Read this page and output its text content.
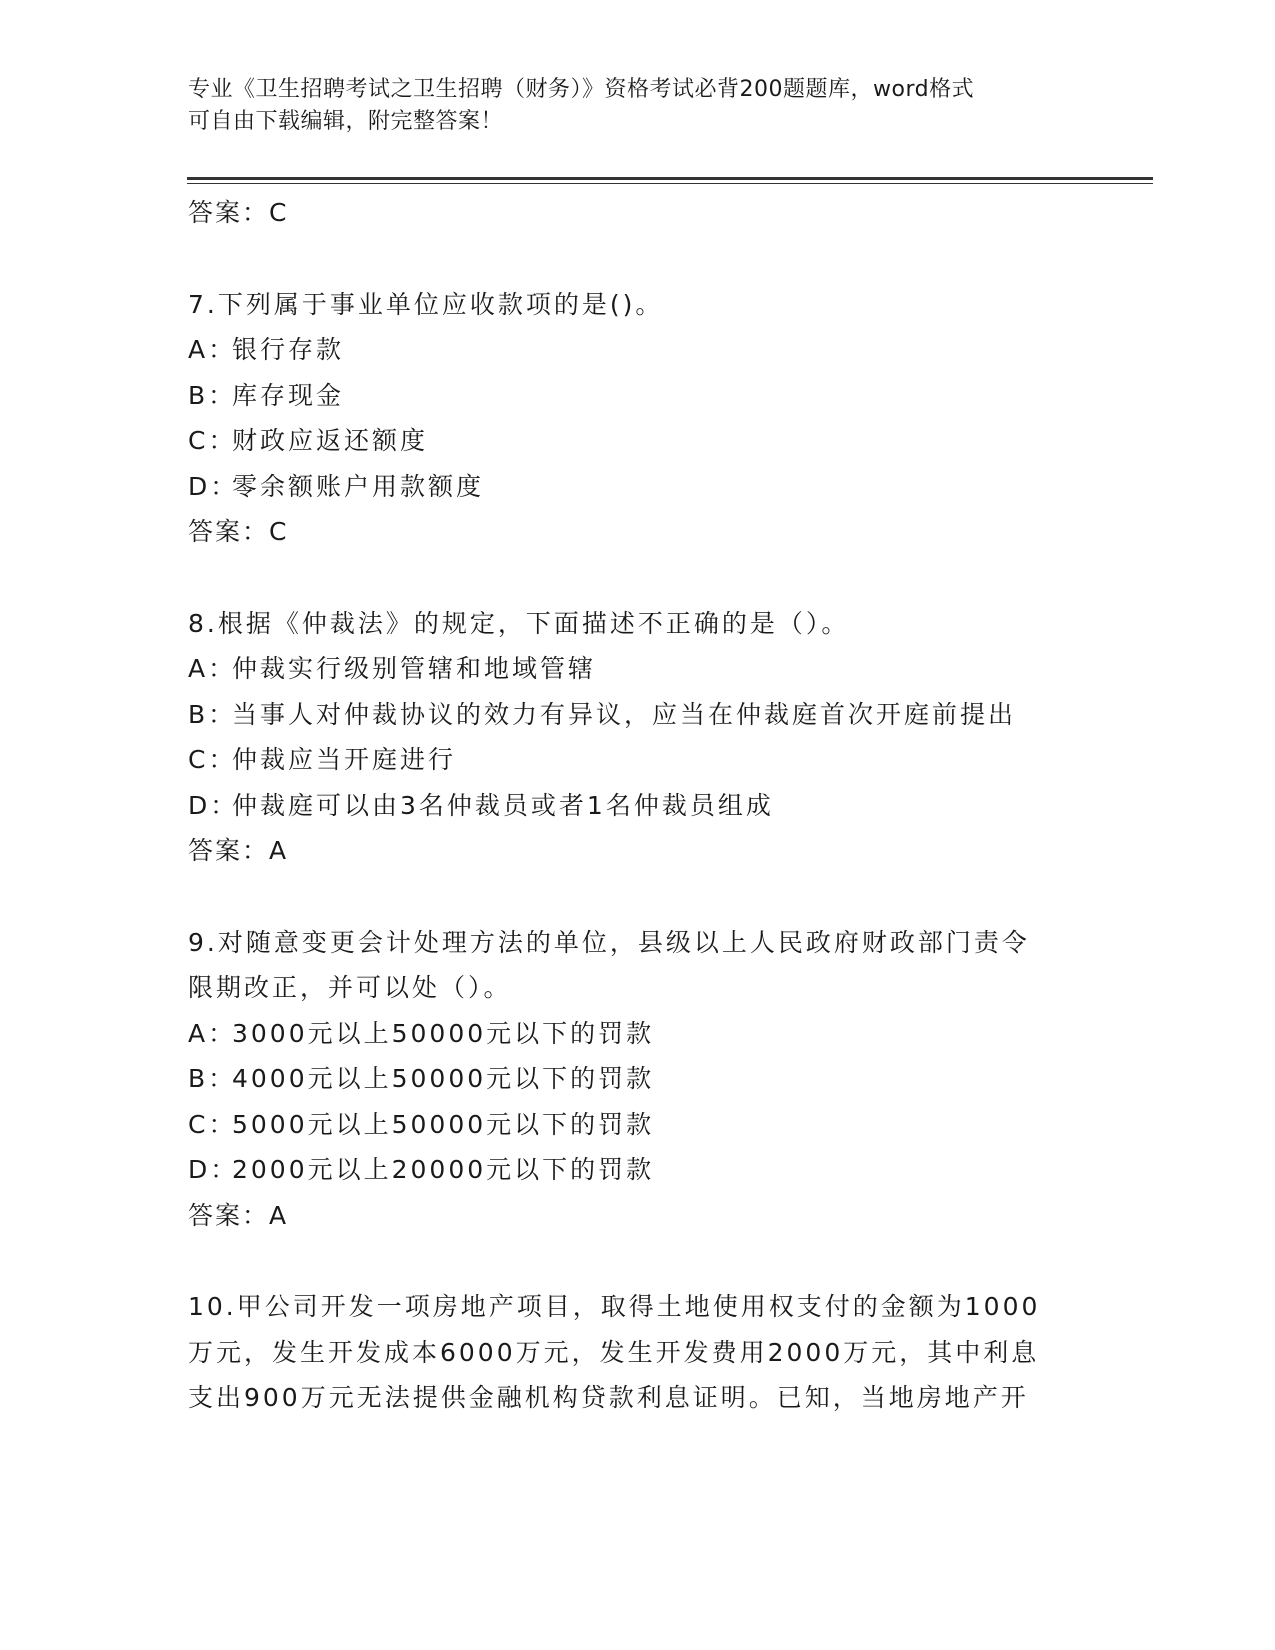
专业《卫生招聘考试之卫生招聘（财务）》资格考试必背200题题库，word格式
可自由下载编辑，附完整答案！
答案：C
7.下列属于事业单位应收款项的是()。
A：银行存款
B：库存现金
C：财政应返还额度
D：零余额账户用款额度
答案：C
8.根据《仲裁法》的规定，下面描述不正确的是（）。
A：仲裁实行级别管辖和地域管辖
B：当事人对仲裁协议的效力有异议，应当在仲裁庭首次开庭前提出
C：仲裁应当开庭进行
D：仲裁庭可以由3名仲裁员或者1名仲裁员组成
答案：A
9.对随意变更会计处理方法的单位，县级以上人民政府财政部门责令
限期改正，并可以处（）。
A：3000元以上50000元以下的罚款
B：4000元以上50000元以下的罚款
C：5000元以上50000元以下的罚款
D：2000元以上20000元以下的罚款
答案：A
10.甲公司开发一项房地产项目，取得土地使用权支付的金额为1000
万元，发生开发成本6000万元，发生开发费用2000万元，其中利息
支出900万元无法提供金融机构贷款利息证明。已知，当地房地产开
